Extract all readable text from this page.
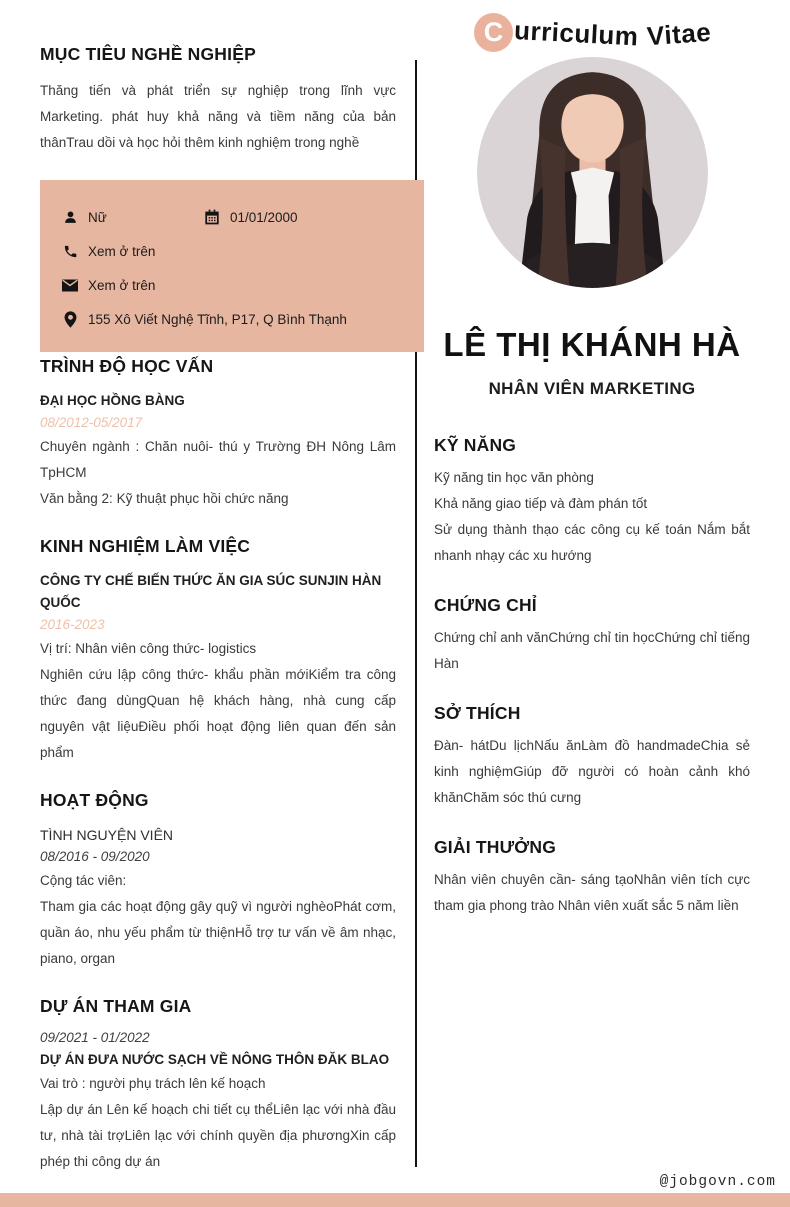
MỤC TIÊU NGHỀ NGHIỆP
Thăng tiến và phát triển sự nghiệp trong lĩnh vực Marketing. phát huy khả năng và tiềm năng của bản thânTrau dồi và học hỏi thêm kinh nghiệm trong nghề
TRÌNH ĐỘ HỌC VẤN
ĐẠI HỌC HỒNG BÀNG
08/2012-05/2017
Chuyên ngành : Chăn nuôi- thú y Trường ĐH Nông Lâm TpHCM
Văn bằng 2: Kỹ thuật phục hồi chức năng
KINH NGHIỆM LÀM VIỆC
CÔNG TY CHẾ BIẾN THỨC ĂN GIA SÚC SUNJIN HÀN QUỐC
2016-2023
Vị trí: Nhân viên công thức- logistics
Nghiên cứu lập công thức- khẩu phần mớiKiểm tra công thức đang dùngQuan hệ khách hàng, nhà cung cấp nguyên vật liệuĐiều phối hoạt động liên quan đến sản phẩm
HOẠT ĐỘNG
TÌNH NGUYỆN VIÊN
08/2016 - 09/2020
Cộng tác viên:
Tham gia các hoạt động gây quỹ vì người nghèoPhát cơm, quần áo, nhu yếu phẩm từ thiệnHỗ trợ tư vấn về âm nhạc, piano, organ
DỰ ÁN THAM GIA
09/2021 - 01/2022
DỰ ÁN ĐƯA NƯỚC SẠCH VỀ NÔNG THÔN ĐĂK BLAO
Vai trò : người phụ trách lên kế hoạch
Lập dự án Lên kế hoạch chi tiết cụ thểLiên lạc với nhà đầu tư, nhà tài trợLiên lạc với chính quyền địa phươngXin cấp phép thi công dự án
Nữ	01/01/2000
Xem ở trên
Xem ở trên
155 Xô Viết Nghệ Tĩnh, P17, Q Bình Thạnh
C urriculum Vitae
LÊ THỊ KHÁNH HÀ
NHÂN VIÊN MARKETING
KỸ NĂNG
Kỹ năng tin học văn phòng
Khả năng giao tiếp và đàm phán tốt
Sử dụng thành thạo các công cụ kế toán Nắm bắt nhanh nhạy các xu hướng
CHỨNG CHỈ
Chứng chỉ anh vănChứng chỉ tin họcChứng chỉ tiếng Hàn
SỞ THÍCH
Đàn- hátDu lịchNấu ănLàm đồ handmadeChia sẻ kinh nghiệmGiúp đỡ người có hoàn cảnh khó khănChăm sóc thú cưng
GIẢI THƯỞNG
Nhân viên chuyên cần- sáng tạoNhân viên tích cực tham gia phong trào Nhân viên xuất sắc 5 năm liền
@jobgovn.com
